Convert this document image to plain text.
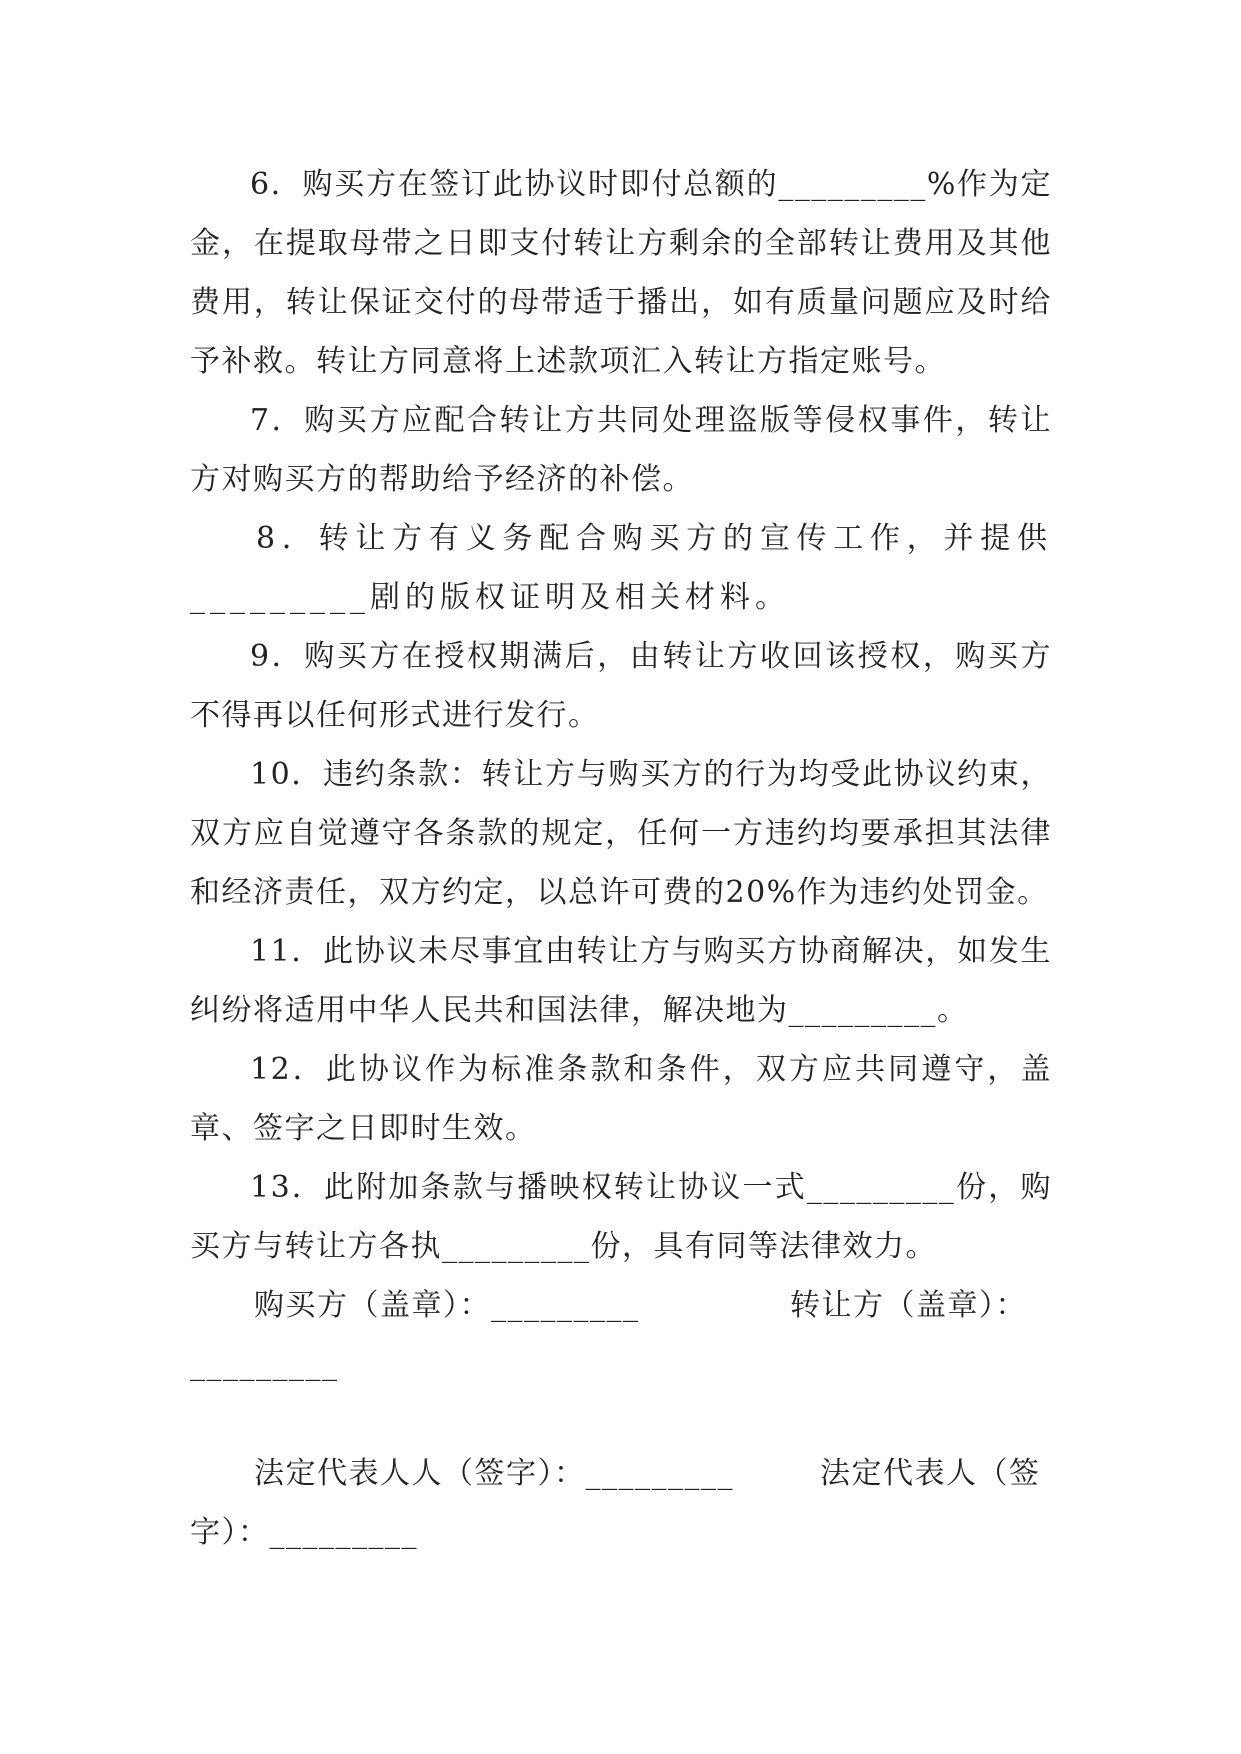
6．购买方在签订此协议时即付总额的_________%作为定金，在提取母带之日即支付转让方剩余的全部转让费用及其他费用，转让保证交付的母带适于播出，如有质量问题应及时给予补救。转让方同意将上述款项汇入转让方指定账号。

7．购买方应配合转让方共同处理盗版等侵权事件，转让方对购买方的帮助给予经济的补偿。

8．转让方有义务配合购买方的宣传工作，并提供_________剧的版权证明及相关材料。

9．购买方在授权期满后，由转让方收回该授权，购买方不得再以任何形式进行发行。

10．违约条款：转让方与购买方的行为均受此协议约束，双方应自觉遵守各条款的规定，任何一方违约均要承担其法律和经济责任，双方约定，以总许可费的20%作为违约处罚金。

11．此协议未尽事宜由转让方与购买方协商解决，如发生纠纷将适用中华人民共和国法律，解决地为_________。

12．此协议作为标准条款和条件，双方应共同遵守，盖章、签字之日即时生效。

13．此附加条款与播映权转让协议一式_________份，购买方与转让方各执_________份，具有同等法律效力。

购买方（盖章）：_________	转让方（盖章）：
_________
法定代表人人（签字）：_________	法定代表人（签
字）：_________
